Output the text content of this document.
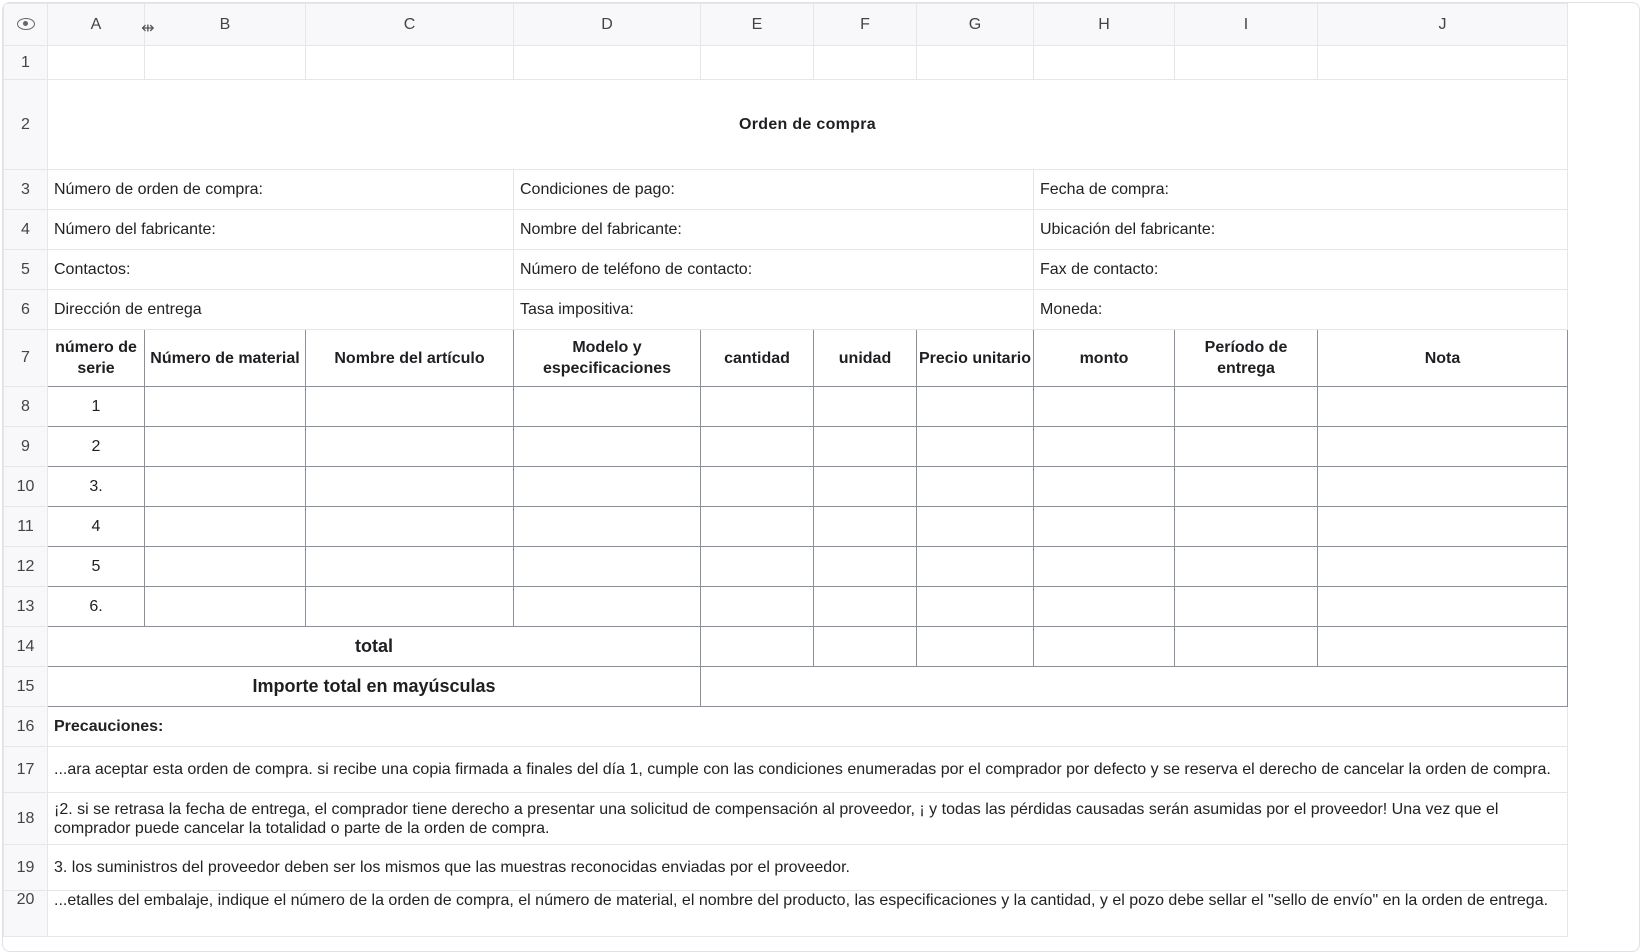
	A	B	C	D	E	F	G	H	I	J
1										
2	Orden de compra									
3	Número de orden de compra:			Condiciones de pago:				Fecha de compra:		
4	Número del fabricante:			Nombre del fabricante:				Ubicación del fabricante:		
5	Contactos:			Número de teléfono de contacto:				Fax de contacto:		
6	Dirección de entrega			Tasa impositiva:				Moneda:		
7	número de serie	Número de material	Nombre del artículo	Modelo y especificaciones	cantidad	unidad	Precio unitario	monto	Período de entrega	Nota
8	1									
9	2									
10	3.									
11	4									
12	5									
13	6.									
14	total									
15	Importe total en mayúsculas									
16	Precauciones:									
17	...ara aceptar esta orden de compra. si recibe una copia firmada a finales del día 1, cumple con las condiciones enumeradas por el comprador por defecto y se reserva el derecho de cancelar la orden de compra.									
18	¡2. si se retrasa la fecha de entrega, el comprador tiene derecho a presentar una solicitud de compensación al proveedor, ¡ y todas las pérdidas causadas serán asumidas por el proveedor! Una vez que el comprador puede cancelar la totalidad o parte de la orden de compra.									
19	3. los suministros del proveedor deben ser los mismos que las muestras reconocidas enviadas por el proveedor.									
20	...etalles del embalaje, indique el número de la orden de compra, el número de material, el nombre del producto, las especificaciones y la cantidad, y el pozo debe sellar el "sello de envío" en la orden de entrega.									
⇹
